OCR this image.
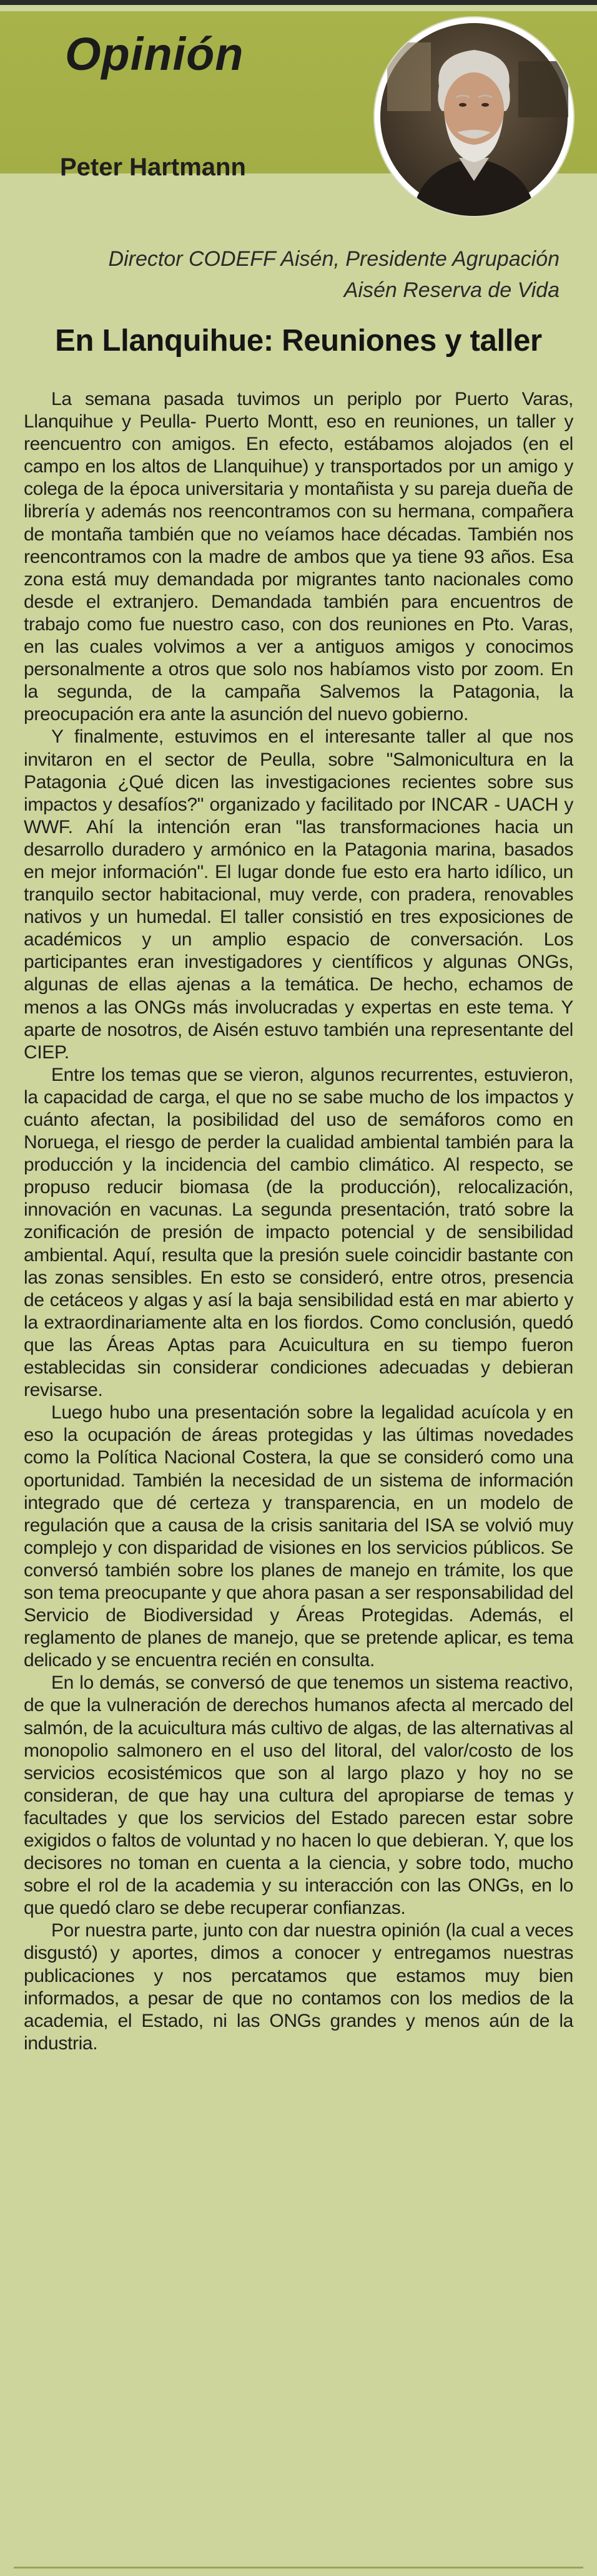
Opinión
Peter Hartmann

Director CODEFF Aisén, Presidente Agrupación
Aisén Reserva de Vida

En Llanquihue: Reuniones y taller

La semana pasada tuvimos un periplo por Puerto Varas, Llanquihue y Peulla- Puerto Montt, eso en reuniones, un taller y reencuentro con amigos. En efecto, estábamos alojados (en el campo en los altos de Llanquihue) y transportados por un amigo y colega de la época universitaria y montañista y su pareja dueña de librería y además nos reencontramos con su hermana, compañera de montaña también que no veíamos hace décadas. También nos reencontramos con la madre de ambos que ya tiene 93 años. Esa zona está muy demandada por migrantes tanto nacionales como desde el extranjero. Demandada también para encuentros de trabajo como fue nuestro caso, con dos reuniones en Pto. Varas, en las cuales volvimos a ver a antiguos amigos y conocimos personalmente a otros que solo nos habíamos visto por zoom. En la segunda, de la campaña Salvemos la Patagonia, la preocupación era ante la asunción del nuevo gobierno.

Y finalmente, estuvimos en el interesante taller al que nos invitaron en el sector de Peulla, sobre "Salmonicultura en la Patagonia ¿Qué dicen las investigaciones recientes sobre sus impactos y desafíos?" organizado y facilitado por INCAR - UACH y WWF. Ahí la intención eran "las transformaciones hacia un desarrollo duradero y armónico en la Patagonia marina, basados en mejor información". El lugar donde fue esto era harto idílico, un tranquilo sector habitacional, muy verde, con pradera, renovables nativos y un humedal. El taller consistió en tres exposiciones de académicos y un amplio espacio de conversación. Los participantes eran investigadores y científicos y algunas ONGs, algunas de ellas ajenas a la temática. De hecho, echamos de menos a las ONGs más involucradas y expertas en este tema. Y aparte de nosotros, de Aisén estuvo también una representante del CIEP.

Entre los temas que se vieron, algunos recurrentes, estuvieron, la capacidad de carga, el que no se sabe mucho de los impactos y cuánto afectan, la posibilidad del uso de semáforos como en Noruega, el riesgo de perder la cualidad ambiental también para la producción y la incidencia del cambio climático. Al respecto, se propuso reducir biomasa (de la producción), relocalización, innovación en vacunas. La segunda presentación, trató sobre la zonificación de presión de impacto potencial y de sensibilidad ambiental. Aquí, resulta que la presión suele coincidir bastante con las zonas sensibles. En esto se consideró, entre otros, presencia de cetáceos y algas y así la baja sensibilidad está en mar abierto y la extraordinariamente alta en los fiordos. Como conclusión, quedó que las Áreas Aptas para Acuicultura en su tiempo fueron establecidas sin considerar condiciones adecuadas y debieran revisarse.

Luego hubo una presentación sobre la legalidad acuícola y en eso la ocupación de áreas protegidas y las últimas novedades como la Política Nacional Costera, la que se consideró como una oportunidad. También la necesidad de un sistema de información integrado que dé certeza y transparencia, en un modelo de regulación que a causa de la crisis sanitaria del ISA se volvió muy complejo y con disparidad de visiones en los servicios públicos. Se conversó también sobre los planes de manejo en trámite, los que son tema preocupante y que ahora pasan a ser responsabilidad del Servicio de Biodiversidad y Áreas Protegidas. Además, el reglamento de planes de manejo, que se pretende aplicar, es tema delicado y se encuentra recién en consulta.

En lo demás, se conversó de que tenemos un sistema reactivo, de que la vulneración de derechos humanos afecta al mercado del salmón, de la acuicultura más cultivo de algas, de las alternativas al monopolio salmonero en el uso del litoral, del valor/costo de los servicios ecosistémicos que son al largo plazo y hoy no se consideran, de que hay una cultura del apropiarse de temas y facultades y que los servicios del Estado parecen estar sobre exigidos o faltos de voluntad y no hacen lo que debieran. Y, que los decisores no toman en cuenta a la ciencia, y sobre todo, mucho sobre el rol de la academia y su interacción con las ONGs, en lo que quedó claro se debe recuperar confianzas.

Por nuestra parte, junto con dar nuestra opinión (la cual a veces disgustó) y aportes, dimos a conocer y entregamos nuestras publicaciones y nos percatamos que estamos muy bien informados, a pesar de que no contamos con los medios de la academia, el Estado, ni las ONGs grandes y menos aún de la industria.
